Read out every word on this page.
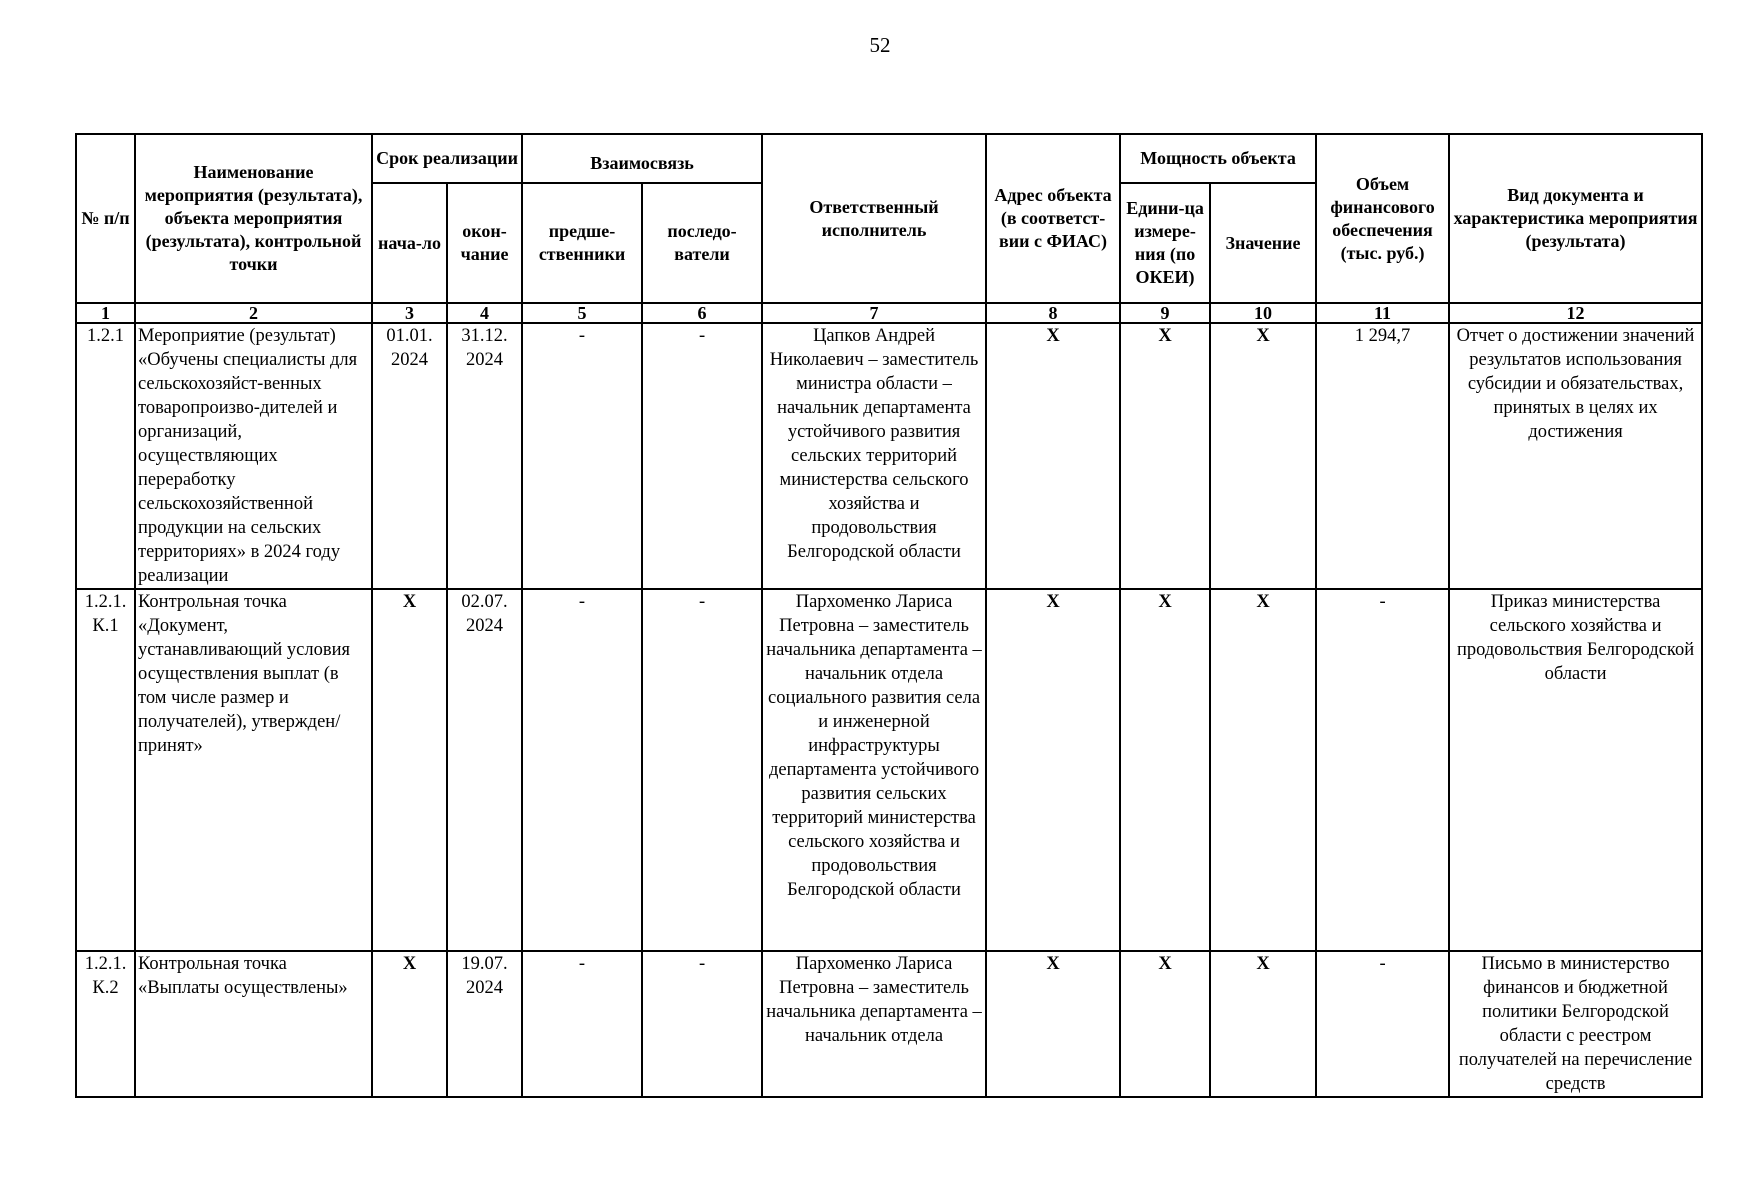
52
№ п/п	Наименование мероприятия (результата), объекта мероприятия (результата), контрольной точки	Срок реализации		Взаимосвязь		Ответственный исполнитель	Адрес объекта (в соответст-вии с ФИАС)	Мощность объекта		Объем финансового обеспечения (тыс. руб.)	Вид документа и характеристика мероприятия (результата)
		нача-ло	окон-чание	предше-ственники	последо-ватели			Едини-ца измере-ния (по ОКЕИ)	Значение		
1	2	3	4	5	6	7	8	9	10	11	12
1.2.1	Мероприятие (результат) «Обучены специалисты для сельскохозяйст-венных товаропроизво-дителей и организаций, осуществляющих переработку сельскохозяйственной продукции на сельских территориях» в 2024 году реализации	01.01. 2024	31.12. 2024	-	-	Цапков Андрей Николаевич – заместитель министра области – начальник департамента устойчивого развития сельских территорий министерства сельского хозяйства и продовольствия Белгородской области	Х	Х	Х	1 294,7	Отчет о достижении значений результатов использования субсидии и обязательствах, принятых в целях их достижения
1.2.1. К.1	Контрольная точка «Документ, устанавливающий условия осуществления выплат (в том числе размер и получателей), утвержден/принят»	Х	02.07. 2024	-	-	Пархоменко Лариса Петровна – заместитель начальника департамента – начальник отдела социального развития села и инженерной инфраструктуры департамента устойчивого развития сельских территорий министерства сельского хозяйства и продовольствия Белгородской области	Х	Х	Х	-	Приказ министерства сельского хозяйства и продовольствия Белгородской области
1.2.1. К.2	Контрольная точка «Выплаты осуществлены»	Х	19.07. 2024	-	-	Пархоменко Лариса Петровна – заместитель начальника департамента – начальник отдела	Х	Х	Х	-	Письмо в министерство финансов и бюджетной политики Белгородской области с реестром получателей на перечисление средств
